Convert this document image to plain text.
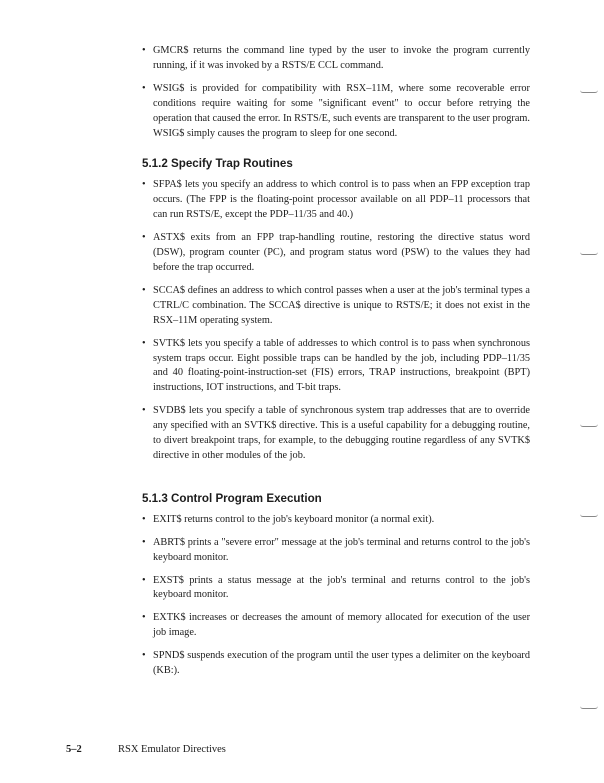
• GMCR$ returns the command line typed by the user to invoke the program currently running, if it was invoked by a RSTS/E CCL command.
• WSIG$ is provided for compatibility with RSX–11M, where some recoverable error conditions require waiting for some "significant event" to occur before retrying the operation that caused the error. In RSTS/E, such events are transparent to the user program. WSIG$ simply causes the program to sleep for one second.
5.1.2 Specify Trap Routines
• SFPA$ lets you specify an address to which control is to pass when an FPP exception trap occurs. (The FPP is the floating-point processor available on all PDP–11 processors that can run RSTS/E, except the PDP–11/35 and 40.)
• ASTX$ exits from an FPP trap-handling routine, restoring the directive status word (DSW), program counter (PC), and program status word (PSW) to the values they had before the trap occurred.
• SCCA$ defines an address to which control passes when a user at the job's terminal types a CTRL/C combination. The SCCA$ directive is unique to RSTS/E; it does not exist in the RSX–11M operating system.
• SVTK$ lets you specify a table of addresses to which control is to pass when synchronous system traps occur. Eight possible traps can be handled by the job, including PDP–11/35 and 40 floating-point-instruction-set (FIS) errors, TRAP instructions, breakpoint (BPT) instructions, IOT instructions, and T-bit traps.
• SVDB$ lets you specify a table of synchronous system trap addresses that are to override any specified with an SVTK$ directive. This is a useful capability for a debugging routine, to divert breakpoint traps, for example, to the debugging routine regardless of any SVTK$ directive in other modules of the job.
5.1.3 Control Program Execution
• EXIT$ returns control to the job's keyboard monitor (a normal exit).
• ABRT$ prints a "severe error" message at the job's terminal and returns control to the job's keyboard monitor.
• EXST$ prints a status message at the job's terminal and returns control to the job's keyboard monitor.
• EXTK$ increases or decreases the amount of memory allocated for execution of the user job image.
• SPND$ suspends execution of the program until the user types a delimiter on the keyboard (KB:).
5–2	RSX Emulator Directives
